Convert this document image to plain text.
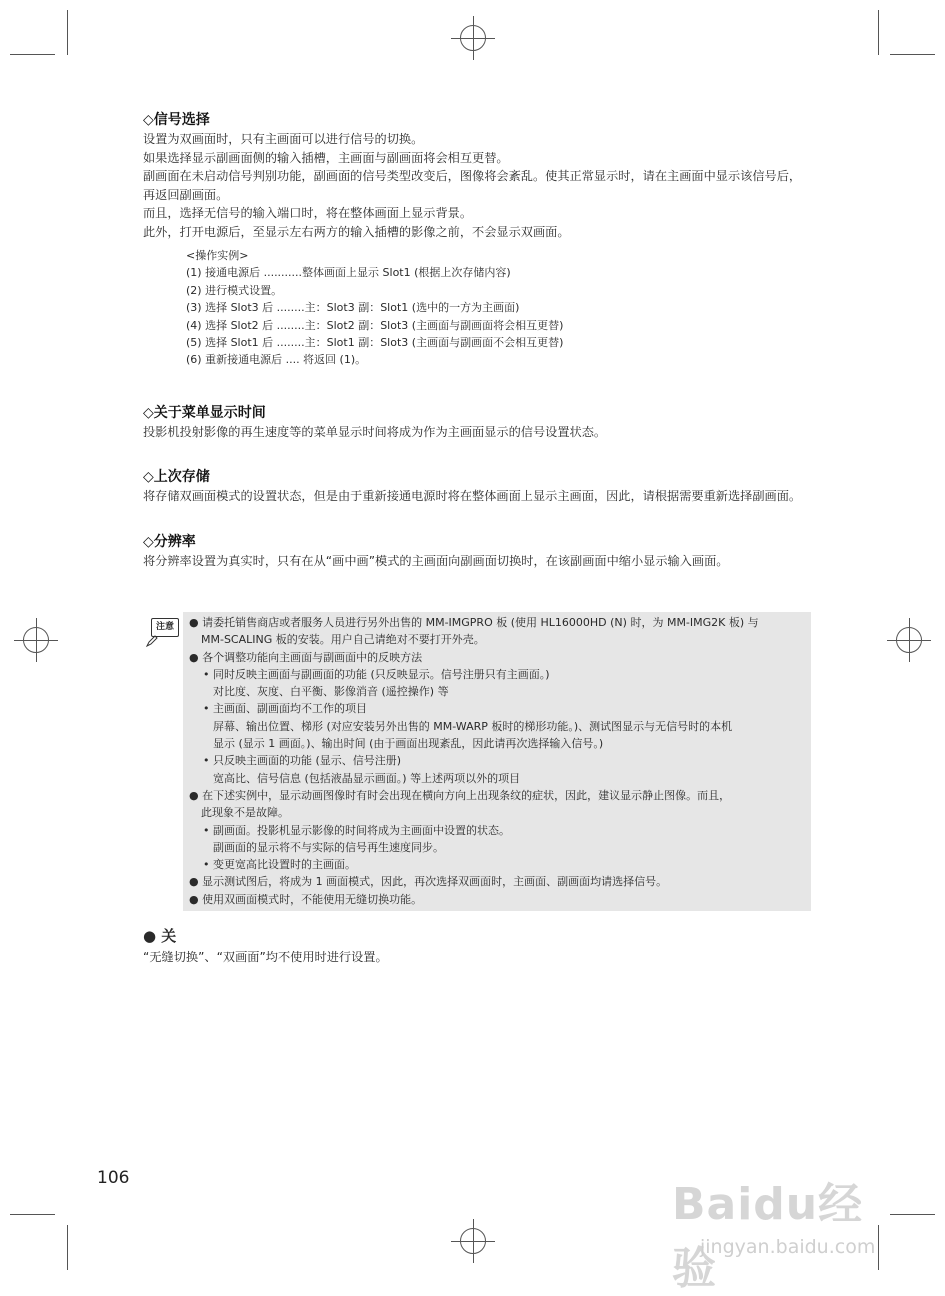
◇信号选择

设置为双画面时，只有主画面可以进行信号的切换。

如果选择显示副画面侧的输入插槽，主画面与副画面将会相互更替。

副画面在未启动信号判别功能，副画面的信号类型改变后，图像将会紊乱。使其正常显示时，请在主画面中显示该信号后，再返回副画面。

而且，选择无信号的输入端口时，将在整体画面上显示背景。

此外，打开电源后，至显示左右两方的输入插槽的影像之前，不会显示双画面。

<操作实例>
(1) 接通电源后 ...........整体画面上显示 Slot1 (根据上次存储内容)
(2) 进行模式设置。
(3) 选择 Slot3 后 ........主：Slot3 副：Slot1 (选中的一方为主画面)
(4) 选择 Slot2 后 ........主：Slot2 副：Slot3 (主画面与副画面将会相互更替)
(5) 选择 Slot1 后 ........主：Slot1 副：Slot3 (主画面与副画面不会相互更替)
(6) 重新接通电源后 .... 将返回 (1)。
◇关于菜单显示时间

投影机投射影像的再生速度等的菜单显示时间将成为作为主画面显示的信号设置状态。

◇上次存储

将存储双画面模式的设置状态，但是由于重新接通电源时将在整体画面上显示主画面，因此，请根据需要重新选择副画面。

◇分辨率

将分辨率设置为真实时，只有在从“画中画”模式的主画面向副画面切换时，在该副画面中缩小显示输入画面。

注意	● 请委托销售商店或者服务人员进行另外出售的 MM-IMGPRO 板 (使用 HL16000HD (N) 时，为 MM-IMG2K 板) 与
MM-SCALING 板的安装。用户自己请绝对不要打开外壳。
● 各个调整功能向主画面与副画面中的反映方法
• 同时反映主画面与副画面的功能 (只反映显示。信号注册只有主画面。)
对比度、灰度、白平衡、影像消音 (遥控操作) 等
• 主画面、副画面均不工作的项目
屏幕、输出位置、梯形 (对应安装另外出售的 MM-WARP 板时的梯形功能。)、测试图显示与无信号时的本机
显示 (显示 1 画面。)、输出时间 (由于画面出现紊乱，因此请再次选择输入信号。)
• 只反映主画面的功能 (显示、信号注册)
宽高比、信号信息 (包括液晶显示画面。) 等上述两项以外的项目
● 在下述实例中，显示动画图像时有时会出现在横向方向上出现条纹的症状，因此，建议显示静止图像。而且，
此现象不是故障。
• 副画面。投影机显示影像的时间将成为主画面中设置的状态。
副画面的显示将不与实际的信号再生速度同步。
• 变更宽高比设置时的主画面。
● 显示测试图后，将成为 1 画面模式，因此，再次选择双画面时，主画面、副画面均请选择信号。
● 使用双画面模式时，不能使用无缝切换功能。
● 关
“无缝切换”、“双画面”均不使用时进行设置。
106
Baidu经验
jingyan.baidu.com
